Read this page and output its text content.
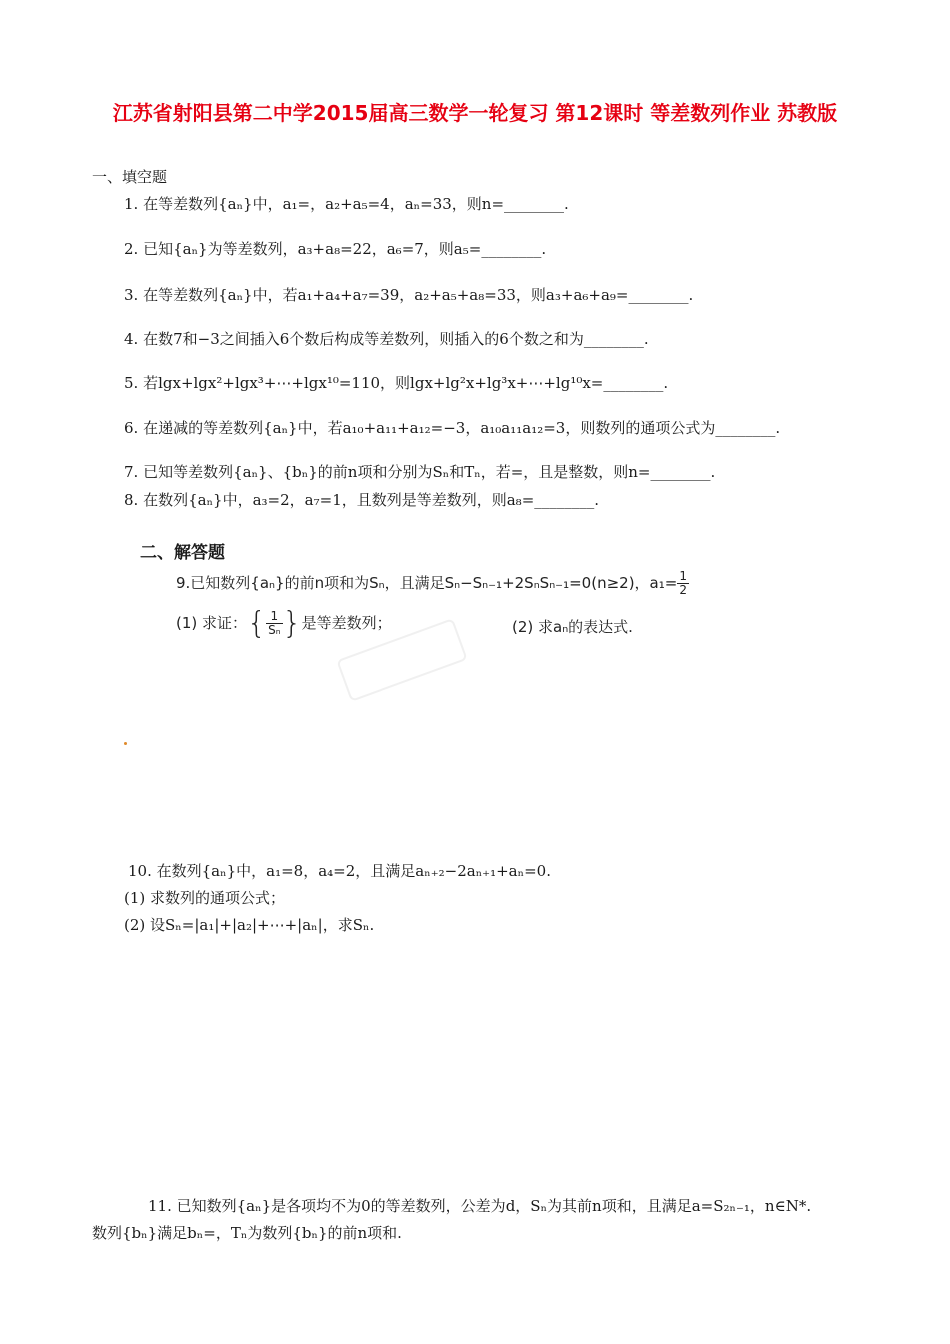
江苏省射阳县第二中学2015届高三数学一轮复习 第12课时 等差数列作业 苏教版
一、填空题
1. 在等差数列{aₙ}中，a₁=，a₂+a₅=4，aₙ=33，则n=________.
2. 已知{aₙ}为等差数列，a₃+a₈=22，a₆=7，则a₅=________.
3. 在等差数列{aₙ}中，若a₁+a₄+a₇=39，a₂+a₅+a₈=33，则a₃+a₆+a₉=________.
4. 在数7和−3之间插入6个数后构成等差数列，则插入的6个数之和为________.
5. 若lgx+lgx²+lgx³+⋯+lgx¹⁰=110，则lgx+lg²x+lg³x+⋯+lg¹⁰x=________.
6. 在递减的等差数列{aₙ}中，若a₁₀+a₁₁+a₁₂=−3，a₁₀a₁₁a₁₂=3，则数列的通项公式为________.
7. 已知等差数列{aₙ}、{bₙ}的前n项和分别为Sₙ和Tₙ，若=，且是整数，则n=________.
8. 在数列{aₙ}中，a₃=2，a₇=1，且数列是等差数列，则a₈=________.
二、解答题
9.已知数列{aₙ}的前n项和为Sₙ，且满足Sₙ−Sₙ₋₁+2SₙSₙ₋₁=0(n≥2)，$a_1= \frac{1}{2}$
(1) 求证：{ $\frac{1}{\text{Sₙ}}$ }是等差数列；	(2) 求aₙ的表达式.
10. 在数列{aₙ}中，a₁=8，a₄=2，且满足aₙ₊₂−2aₙ₊₁+aₙ=0.
(1) 求数列的通项公式；
(2) 设Sₙ=|a₁|+|a₂|+⋯+|aₙ|，求Sₙ.
11. 已知数列{aₙ}是各项均不为0的等差数列，公差为d，Sₙ为其前n项和，且满足a=S₂ₙ₋₁，n∈N*.
数列{bₙ}满足bₙ=，Tₙ为数列{bₙ}的前n项和.
